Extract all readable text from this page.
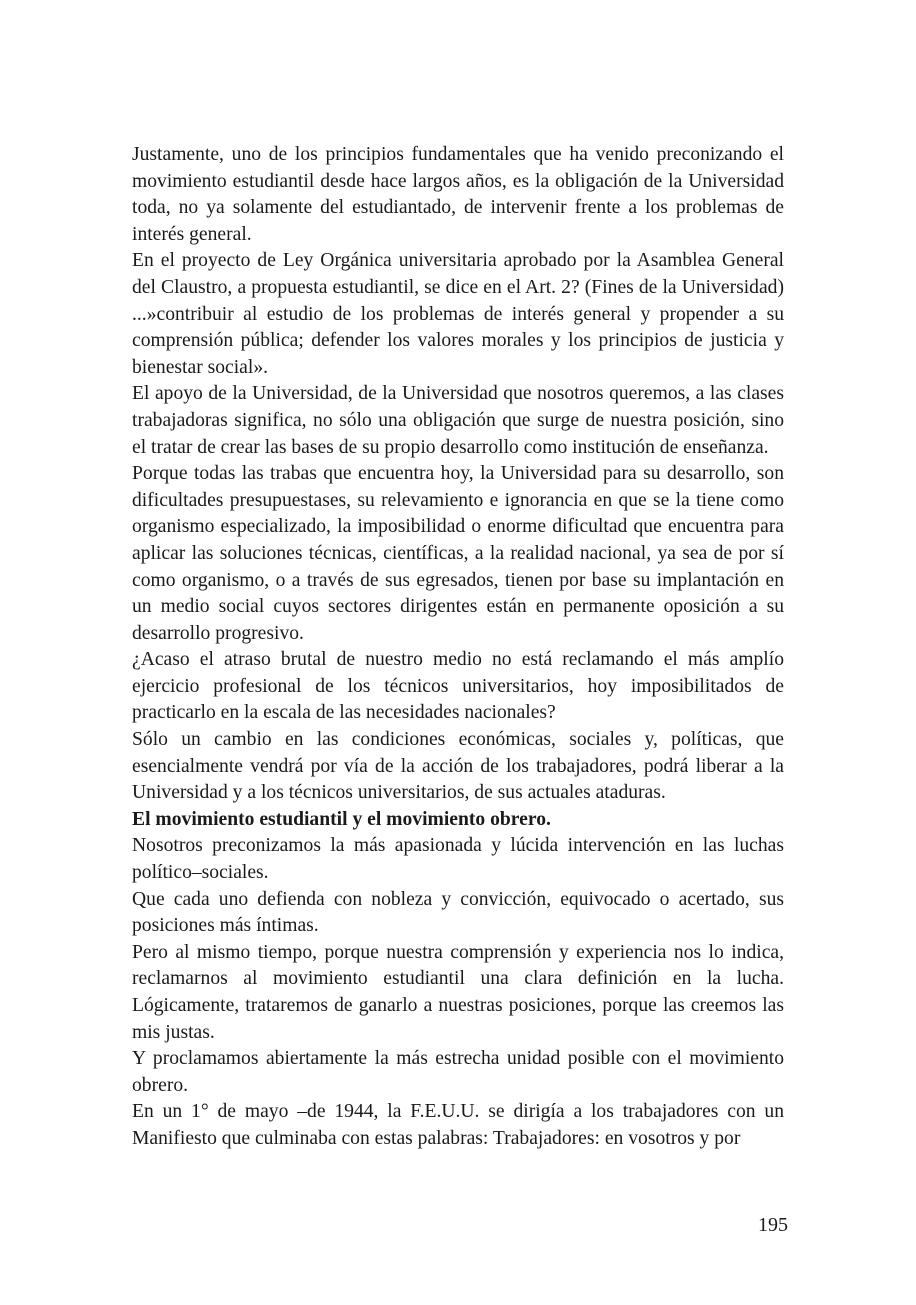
Justamente, uno de los principios fundamentales que ha venido preconizando el movimiento estudiantil desde hace largos años, es la obligación de la Universidad toda, no ya solamente del estudiantado, de intervenir frente a los problemas de interés general.

En el proyecto de Ley Orgánica universitaria aprobado por la Asamblea General del Claustro, a propuesta estudiantil, se dice en el Art. 2? (Fines de la Universidad) ...»contribuir al estudio de los problemas de interés general y propender a su comprensión pública; defender los valores morales y los principios de justicia y bienestar social».

El apoyo de la Universidad, de la Universidad que nosotros queremos, a las clases trabajadoras significa, no sólo una obligación que surge de nuestra posición, sino el tratar de crear las bases de su propio desarrollo como institución de enseñanza.

Porque todas las trabas que encuentra hoy, la Universidad para su desarrollo, son dificultades presupuestases, su relevamiento e ignorancia en que se la tiene como organismo especializado, la imposibilidad o enorme dificultad que encuentra para aplicar las soluciones técnicas, científicas, a la realidad nacional, ya sea de por sí como organismo, o a través de sus egresados, tienen por base su implantación en un medio social cuyos sectores dirigentes están en permanente oposición a su desarrollo progresivo.

¿Acaso el atraso brutal de nuestro medio no está reclamando el más amplío ejercicio profesional de los técnicos universitarios, hoy imposibilitados de practicarlo en la escala de las necesidades nacionales?

Sólo un cambio en las condiciones económicas, sociales y, políticas, que esencialmente vendrá por vía de la acción de los trabajadores, podrá liberar a la Universidad y a los técnicos universitarios, de sus actuales ataduras.

El movimiento estudiantil y el movimiento obrero.

Nosotros preconizamos la más apasionada y lúcida intervención en las luchas político–sociales.

Que cada uno defienda con nobleza y convicción, equivocado o acertado, sus posiciones más íntimas.

Pero al mismo tiempo, porque nuestra comprensión y experiencia nos lo indica, reclamarnos al movimiento estudiantil una clara definición en la lucha. Lógicamente, trataremos de ganarlo a nuestras posiciones, porque las creemos las mis justas.

Y proclamamos abiertamente la más estrecha unidad posible con el movimiento obrero.

En un 1° de mayo –de 1944, la F.E.U.U. se dirigía a los trabajadores con un Manifiesto que culminaba con estas palabras: Trabajadores: en vosotros y por

195
